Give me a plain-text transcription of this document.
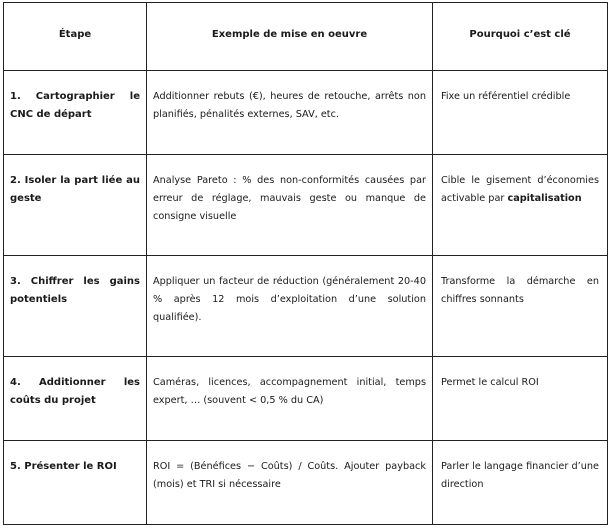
Étape	Exemple de mise en oeuvre	Pourquoi c’est clé

1. Cartographier le CNC de départ	Additionner rebuts (€), heures de retouche, arrêts non planifiés, pénalités externes, SAV, etc.	Fixe un référentiel crédible

2. Isoler la part liée au geste	Analyse Pareto : % des non-conformités causées par erreur de réglage, mauvais geste ou manque de consigne visuelle	Cible le gisement d’économies activable par capitalisation

3. Chiffrer les gains potentiels	Appliquer un facteur de réduction (généralement 20-40 % après 12 mois d’exploitation d’une solution qualifiée).	Transforme la démarche en chiffres sonnants

4. Additionner les coûts du projet	Caméras, licences, accompagnement initial, temps expert, … (souvent < 0,5 % du CA)	Permet le calcul ROI

5. Présenter le ROI	ROI = (Bénéfices − Coûts) / Coûts. Ajouter payback (mois) et TRI si nécessaire	Parler le langage financier d’une direction
